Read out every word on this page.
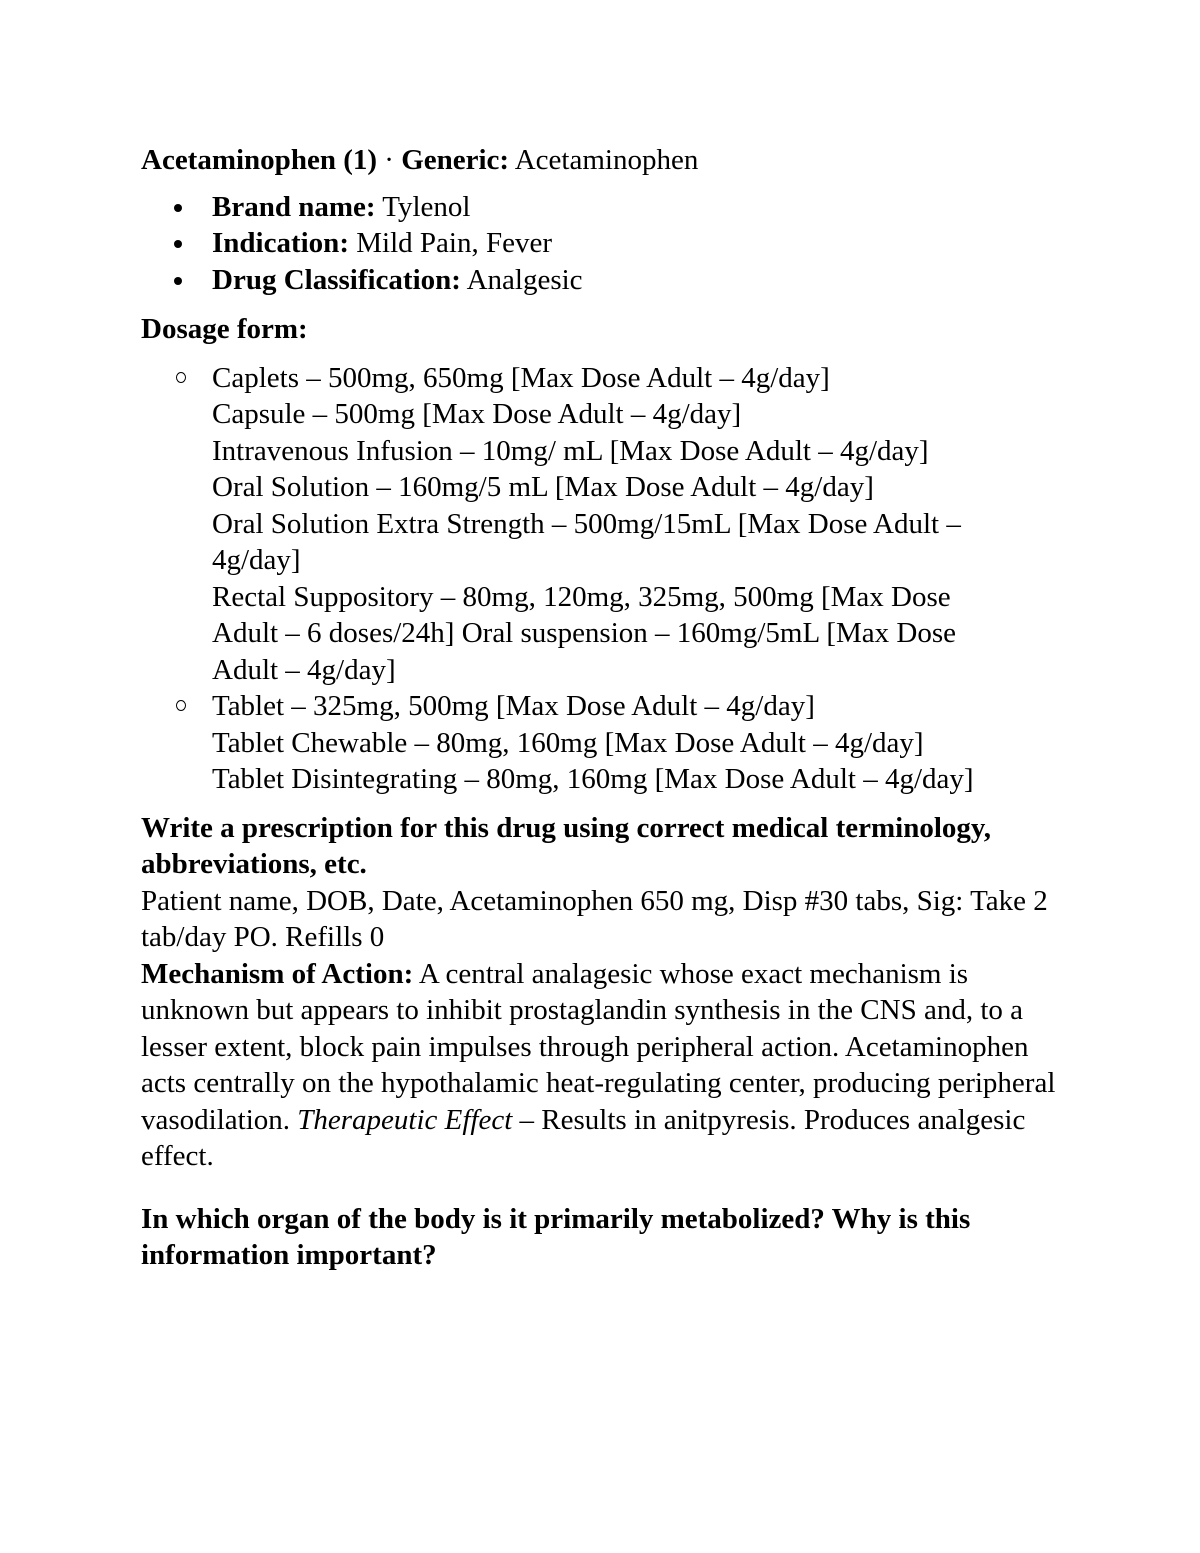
Acetaminophen (1) · Generic: Acetaminophen

Brand name: Tylenol
Indication: Mild Pain, Fever
Drug Classification: Analgesic

Dosage form:

Caplets – 500mg, 650mg [Max Dose Adult – 4g/day]
Capsule – 500mg [Max Dose Adult – 4g/day]
Intravenous Infusion – 10mg/ mL [Max Dose Adult – 4g/day]
Oral Solution – 160mg/5 mL [Max Dose Adult – 4g/day]
Oral Solution Extra Strength – 500mg/15mL [Max Dose Adult –
4g/day]
Rectal Suppository – 80mg, 120mg, 325mg, 500mg [Max Dose
Adult – 6 doses/24h] Oral suspension – 160mg/5mL [Max Dose
Adult – 4g/day]
Tablet – 325mg, 500mg [Max Dose Adult – 4g/day]
Tablet Chewable – 80mg, 160mg [Max Dose Adult – 4g/day]
Tablet Disintegrating – 80mg, 160mg [Max Dose Adult – 4g/day]

Write a prescription for this drug using correct medical terminology, abbreviations, etc.

Patient name, DOB, Date, Acetaminophen 650 mg, Disp #30 tabs, Sig: Take 2 tab/day PO. Refills 0

Mechanism of Action: A central analagesic whose exact mechanism is unknown but appears to inhibit prostaglandin synthesis in the CNS and, to a lesser extent, block pain impulses through peripheral action. Acetaminophen acts centrally on the hypothalamic heat-regulating center, producing peripheral vasodilation. Therapeutic Effect – Results in anitpyresis. Produces analgesic effect.

In which organ of the body is it primarily metabolized? Why is this information important?
